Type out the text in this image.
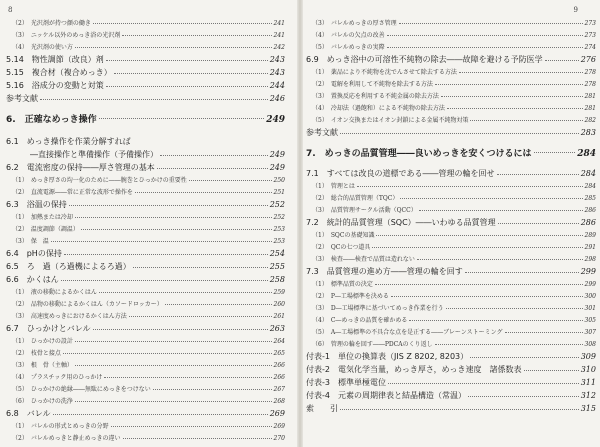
8
（2）　光沢剤が持つ顔の働き	241
（3）　ニッケル以外のめっき浴の光沢剤	241
（4）　光沢剤の使い方	242
5.14　物性調節（改良）剤	243
5.15　複合材（複合めっき）	243
5.16　浴成分の変動と対策	244
参考文献	246
6.　正確なめっき操作	249
6.1　めっき操作を作業分解すれば
　　　―直接操作と準備操作（予備操作）	249
6.2　電流密度の保持――厚さ管理の基本	249
（1）　めっき厚さの均一化のために――腕巻とひっかけの重要性	250
（2）　直流電源――常に正常な波形で操作を	251
6.3　浴温の保持	252
（1）　加熱または冷却	252
（2）　温度調節（調温）	253
（3）　保　温	253
6.4　pHの保持	254
6.5　ろ　過（ろ過機によるろ過）	255
6.6　かくはん	258
（1）　液の移動によるかくはん	259
（2）　品物の移動によるかくはん（カソードロッカー）	260
（3）　高速度めっきにおけるかくはん方法	261
6.7　ひっかけとバレル	263
（1）　ひっかけの設計	264
（2）　枝骨と接点	265
（3）　根　骨（主軸）	266
（4）　プラスチック用のひっかけ	266
（5）　ひっかけの絶縁――無駄にめっきをつけない	267
（6）　ひっかけの洗浄	268
6.8　バレル	269
（1）　バレルの形式とめっきの分野	269
（2）　バレルめっきと静止めっきの違い	270
9
（3）　バレルめっきの厚さ管理	273
（4）　バレルの欠点の改善	273
（5）　バレルめっきの実際	274
6.9　めっき浴中の可溶性不純物の除去――故障を避ける予防医学	276
（1）　薬品により不純物を沈でんさせて除去する方法	278
（2）　電解を利用して不純物を除去する方法	278
（3）　置換反応を利用する不純金属の除去方法	281
（4）　冷却法（過飽和）による不純物の除去方法	281
（5）　イオン交換またはイオン封鎖による金属不純物対策	282
参考文献	283
7.　めっきの品質管理――良いめっきを安くつけるには	284
7.1　すべては改良の道標である――管理の輪を回せ	284
（1）　管理とは	284
（2）　総合的品質管理（TQC）	285
（3）　品質管理サークル活動（QCC）	286
7.2　統計的品質管理（SQC）――いわゆる品質管理	286
（1）　SQCの基礎知識	289
（2）　QCの七つ道具	291
（3）　検査――検査で品質は造れない	298
7.3　品質管理の進め方――管理の輪を回す	299
（1）　標準品質の決定	299
（2）　P―工場標準を決める	300
（3）　D―工場標準に基づいてめっき作業を行う	301
（4）　C―めっきの品質を確かめる	305
（5）　A―工場標準の不具合な点を是正する――ブレーンストーミング	307
（6）　管理の輪を回す――PDCAのくり返し	308
付表-1　単位の換算表（JIS Z 8202, 8203）	309
付表-2　電気化学当量，めっき厚さ，めっき速度　諸係数表	310
付表-3　標準単極電位	311
付表-4　元素の周期律表と結晶構造（常温）	312
索　　引	315
